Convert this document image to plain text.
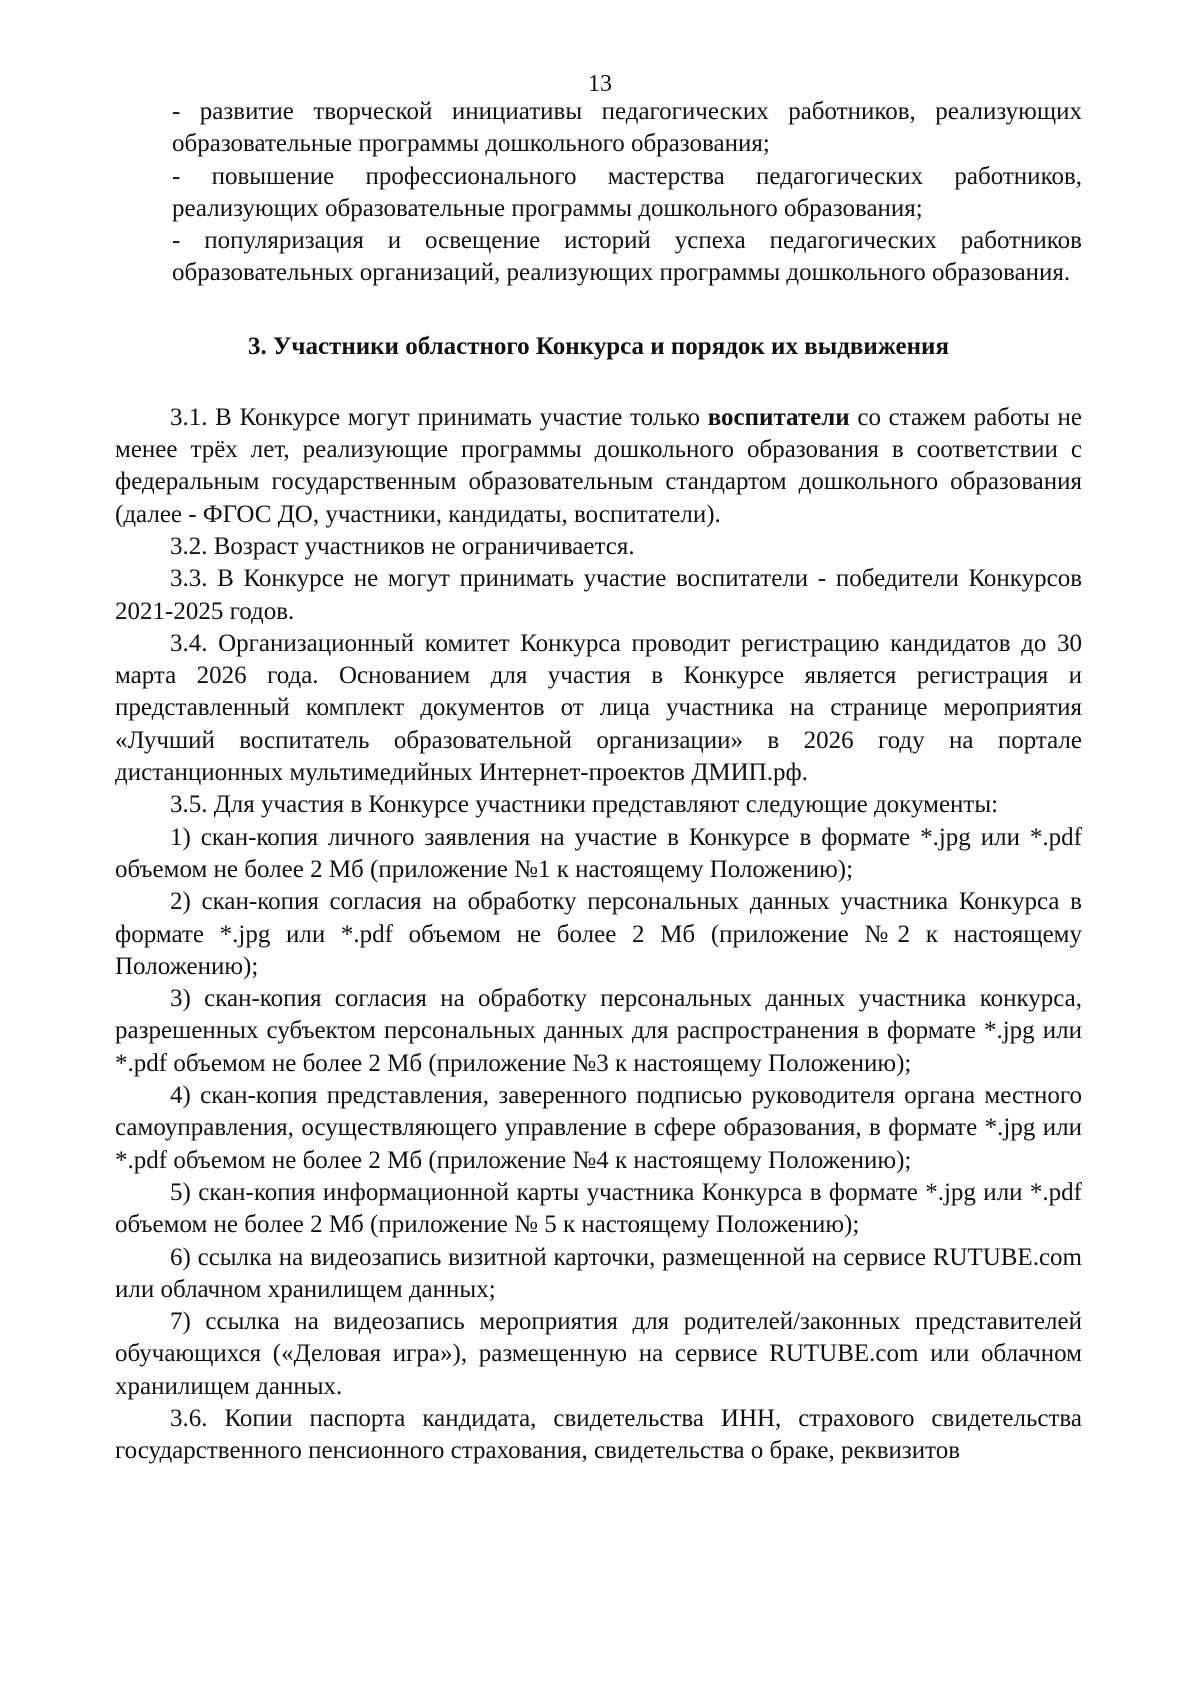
13

- развитие творческой инициативы педагогических работников, реализующих образовательные программы дошкольного образования;

- повышение профессионального мастерства педагогических работников, реализующих образовательные программы дошкольного образования;

- популяризация и освещение историй успеха педагогических работников образовательных организаций, реализующих программы дошкольного образования.

3. Участники областного Конкурса и порядок их выдвижения

3.1. В Конкурсе могут принимать участие только воспитатели со стажем работы не менее трёх лет, реализующие программы дошкольного образования в соответствии с федеральным государственным образовательным стандартом дошкольного образования (далее - ФГОС ДО, участники, кандидаты, воспитатели).

3.2. Возраст участников не ограничивается.

3.3. В Конкурсе не могут принимать участие воспитатели - победители Конкурсов 2021-2025 годов.

3.4. Организационный комитет Конкурса проводит регистрацию кандидатов до 30 марта 2026 года. Основанием для участия в Конкурсе является регистрация и представленный комплект документов от лица участника на странице мероприятия «Лучший воспитатель образовательной организации» в 2026 году на портале дистанционных мультимедийных Интернет-проектов ДМИП.рф.

3.5. Для участия в Конкурсе участники представляют следующие документы:

1) скан-копия личного заявления на участие в Конкурсе в формате *.jpg или *.pdf объемом не более 2 Мб (приложение №1 к настоящему Положению);

2) скан-копия согласия на обработку персональных данных участника Конкурса в формате *.jpg или *.pdf объемом не более 2 Мб (приложение №2 к настоящему Положению);

3) скан-копия согласия на обработку персональных данных участника конкурса, разрешенных субъектом персональных данных для распространения в формате *.jpg или *.pdf объемом не более 2 Мб (приложение №3 к настоящему Положению);

4) скан-копия представления, заверенного подписью руководителя органа местного самоуправления, осуществляющего управление в сфере образования, в формате *.jpg или *.pdf объемом не более 2 Мб (приложение №4 к настоящему Положению);

5) скан-копия информационной карты участника Конкурса в формате *.jpg или *.pdf объемом не более 2 Мб (приложение № 5 к настоящему Положению);

6) ссылка на видеозапись визитной карточки, размещенной на сервисе RUTUBE.com или облачном хранилищем данных;

7) ссылка на видеозапись мероприятия для родителей/законных представителей обучающихся («Деловая игра»), размещенную на сервисе RUTUBE.com или облачном хранилищем данных.

3.6. Копии паспорта кандидата, свидетельства ИНН, страхового свидетельства государственного пенсионного страхования, свидетельства о браке, реквизитов
